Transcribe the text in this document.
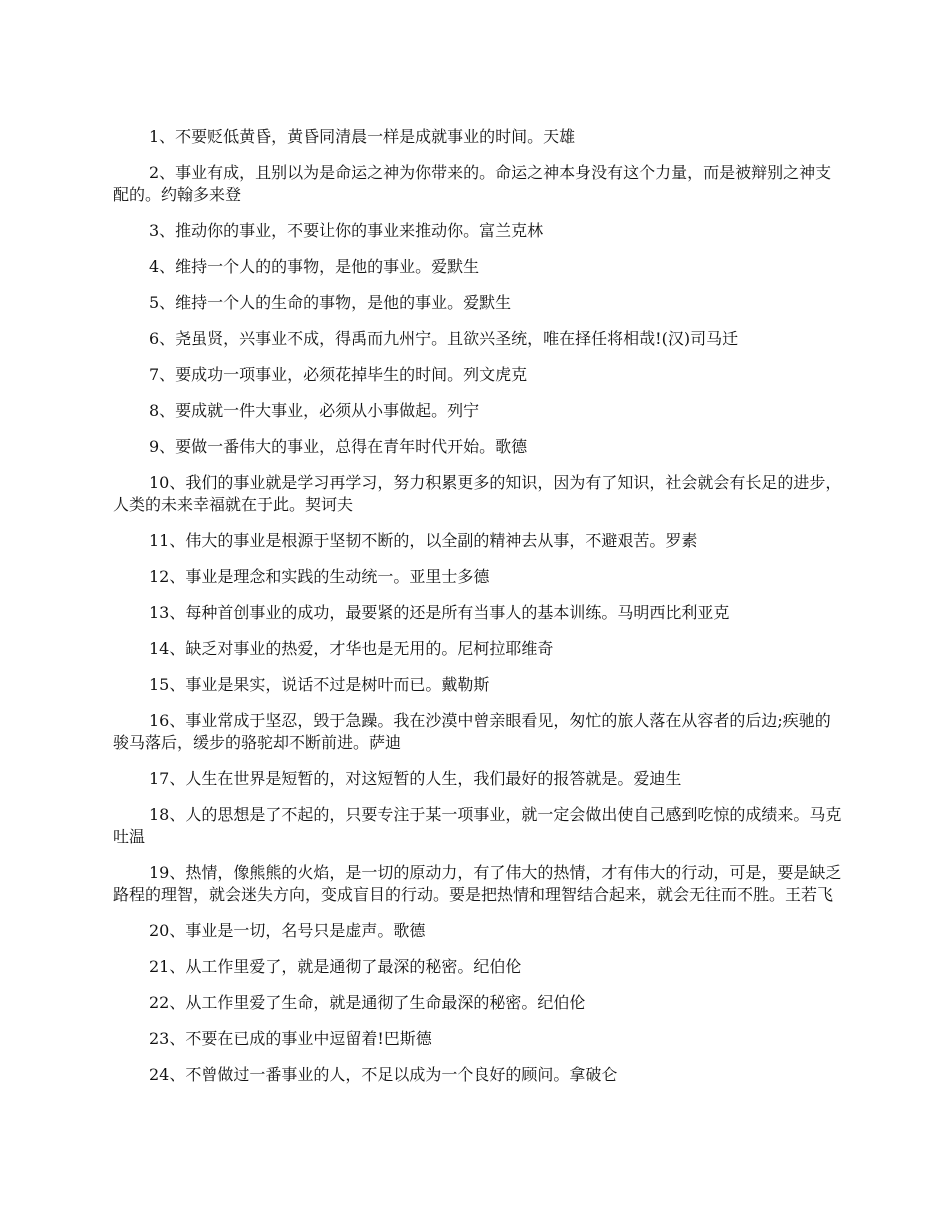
1、不要贬低黄昏，黄昏同清晨一样是成就事业的时间。天雄

2、事业有成，且别以为是命运之神为你带来的。命运之神本身没有这个力量，而是被辩别之神支配的。约翰多来登

3、推动你的事业，不要让你的事业来推动你。富兰克林

4、维持一个人的的事物，是他的事业。爱默生

5、维持一个人的生命的事物，是他的事业。爱默生

6、尧虽贤，兴事业不成，得禹而九州宁。且欲兴圣统，唯在择任将相哉!(汉)司马迁

7、要成功一项事业，必须花掉毕生的时间。列文虎克

8、要成就一件大事业，必须从小事做起。列宁

9、要做一番伟大的事业，总得在青年时代开始。歌德

10、我们的事业就是学习再学习，努力积累更多的知识，因为有了知识，社会就会有长足的进步，人类的未来幸福就在于此。契诃夫

11、伟大的事业是根源于坚韧不断的，以全副的精神去从事，不避艰苦。罗素

12、事业是理念和实践的生动统一。亚里士多德

13、每种首创事业的成功，最要紧的还是所有当事人的基本训练。马明西比利亚克

14、缺乏对事业的热爱，才华也是无用的。尼柯拉耶维奇

15、事业是果实，说话不过是树叶而已。戴勒斯

16、事业常成于坚忍，毁于急躁。我在沙漠中曾亲眼看见，匆忙的旅人落在从容者的后边;疾驰的骏马落后，缓步的骆驼却不断前进。萨迪

17、人生在世界是短暂的，对这短暂的人生，我们最好的报答就是。爱迪生

18、人的思想是了不起的，只要专注于某一项事业，就一定会做出使自己感到吃惊的成绩来。马克吐温

19、热情，像熊熊的火焰，是一切的原动力，有了伟大的热情，才有伟大的行动，可是，要是缺乏路程的理智，就会迷失方向，变成盲目的行动。要是把热情和理智结合起来，就会无往而不胜。王若飞

20、事业是一切，名号只是虚声。歌德

21、从工作里爱了，就是通彻了最深的秘密。纪伯伦

22、从工作里爱了生命，就是通彻了生命最深的秘密。纪伯伦

23、不要在已成的事业中逗留着!巴斯德

24、不曾做过一番事业的人，不足以成为一个良好的顾问。拿破仑
